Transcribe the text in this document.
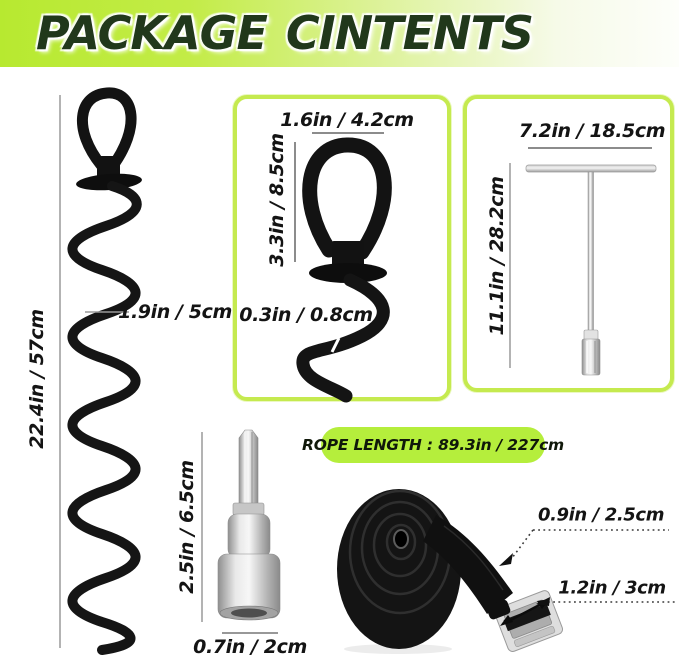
PACKAGE CINTENTS
22.4in / 57cm	1.9in / 5cm
1.6in / 4.2cm
3.3in / 8.5cm
0.3in / 0.8cm
7.2in / 18.5cm
11.1in / 28.2cm
2.5in / 6.5cm
0.7in / 2cm
ROPE LENGTH : 89.3in / 227cm
0.9in / 2.5cm
1.2in / 3cm
